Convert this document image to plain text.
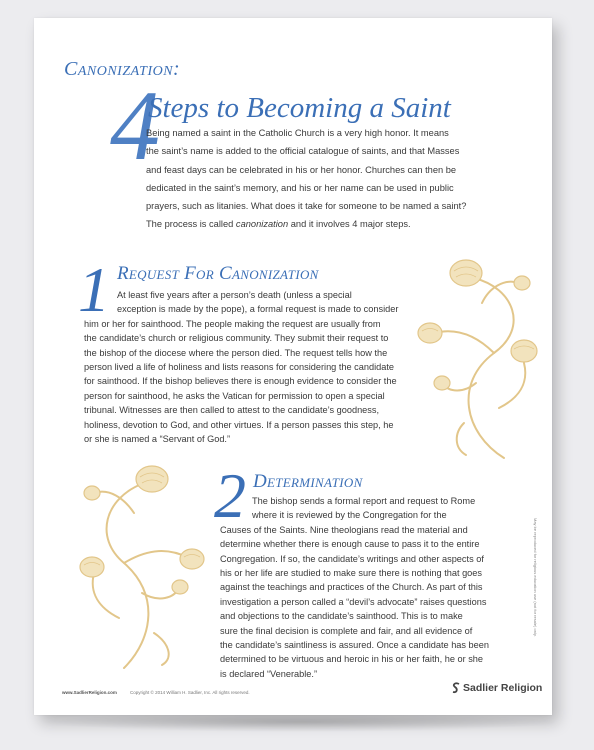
Canonization:
4
Steps to Becoming a Saint
Being named a saint in the Catholic Church is a very high honor. It means
the saint’s name is added to the official catalogue of saints, and that Masses
and feast days can be celebrated in his or her honor. Churches can then be
dedicated in the saint’s memory, and his or her name can be used in public
prayers, such as litanies. What does it take for someone to be named a saint?
The process is called canonization and it involves 4 major steps.
1 Request For Canonization
At least five years after a person’s death (unless a special
exception is made by the pope), a formal request is made to consider
him or her for sainthood. The people making the request are usually from
the candidate’s church or religious community. They submit their request to
the bishop of the diocese where the person died. The request tells how the
person lived a life of holiness and lists reasons for considering the candidate
for sainthood. If the bishop believes there is enough evidence to consider the
person for sainthood, he asks the Vatican for permission to open a special
tribunal. Witnesses are then called to attest to the candidate’s goodness,
holiness, devotion to God, and other virtues. If a person passes this step, he
or she is named a “Servant of God.”
2 Determination
The bishop sends a formal report and request to Rome
where it is reviewed by the Congregation for the
Causes of the Saints. Nine theologians read the material and
determine whether there is enough cause to pass it to the entire
Congregation. If so, the candidate’s writings and other aspects of
his or her life are studied to make sure there is nothing that goes
against the teachings and practices of the Church. As part of this
investigation a person called a “devil’s advocate” raises questions
and objections to the candidate’s sainthood. This is to make
sure the final decision is complete and fair, and all evidence of
the candidate’s saintliness is assured. Once a candidate has been
determined to be virtuous and heroic in his or her faith, he or she
is declared “Venerable.”
May be reproduced for religious education use (not for resale) only.
www.SadlierReligion.com	Copyright © 2014 William H. Sadlier, Inc. All rights reserved.	Sadlier Religion
